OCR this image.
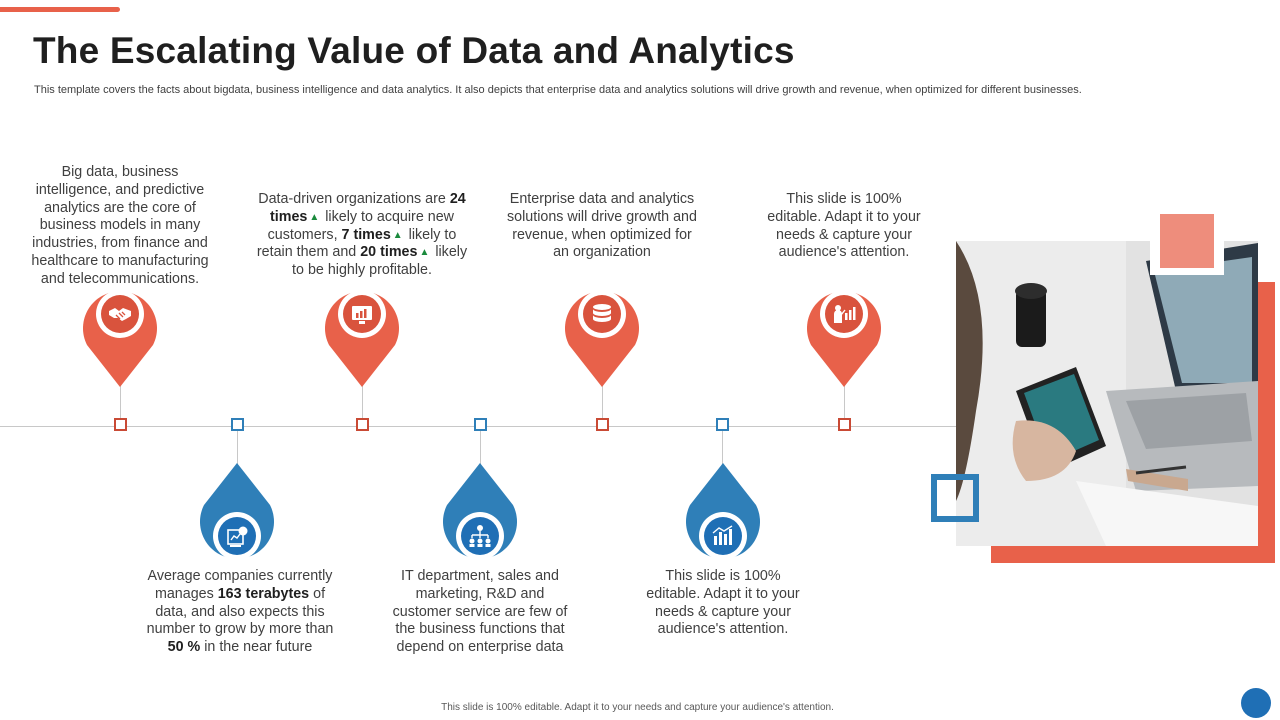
The Escalating Value of Data and Analytics
This template covers the facts about bigdata, business intelligence and data analytics. It also depicts that enterprise data and analytics solutions will drive growth and revenue, when optimized for different businesses.
Big data, business intelligence, and predictive analytics are the core of business models in many industries, from finance and healthcare to manufacturing and telecommunications.
Average companies currently manages 163 terabytes of data, and also expects this number to grow by more than 50 % in the near future
Data-driven organizations are 24 times ▲ likely to acquire new customers, 7 times ▲ likely to retain them and 20 times ▲ likely to be highly profitable.
IT department, sales and marketing, R&D and customer service are few of the business functions that depend on enterprise data
Enterprise data and analytics solutions will drive growth and revenue, when optimized for an organization
This slide is 100% editable. Adapt it to your needs & capture your audience's attention.
This slide is 100% editable. Adapt it to your needs & capture your audience's attention.
This slide is 100% editable. Adapt it to your needs and capture your audience's attention.
